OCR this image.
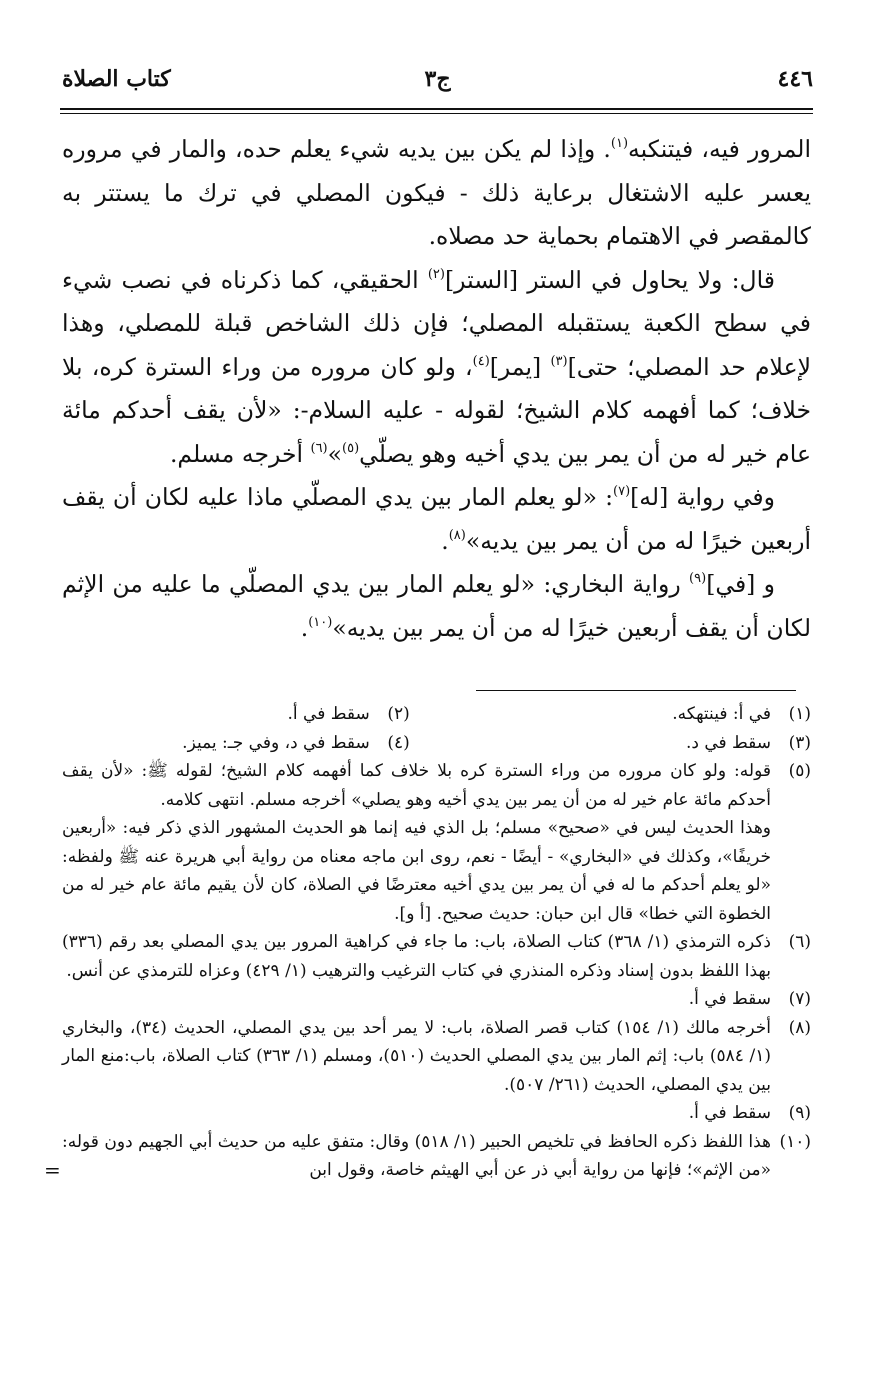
٤٤٦
ج٣
كتاب الصلاة

المرور فيه، فيتنكبه$^{(١)}$. وإذا لم يكن بين يديه شيء يعلم حده، والمار في مروره يعسر عليه الاشتغال برعاية ذلك - فيكون المصلي في ترك ما يستتر به كالمقصر في الاهتمام بحماية حد مصلاه.

قال: ولا يحاول في الستر [الستر]$^{(٢)}$ الحقيقي، كما ذكرناه في نصب شيء في سطح الكعبة يستقبله المصلي؛ فإن ذلك الشاخص قبلة للمصلي، وهذا لإعلام حد المصلي؛ حتى]$^{(٣)}$ [يمر]$^{(٤)}$، ولو كان مروره من وراء السترة كره، بلا خلاف؛ كما أفهمه كلام الشيخ؛ لقوله - عليه السلام-: «لأن يقف أحدكم مائة عام خير له من أن يمر بين يدي أخيه وهو يصلّي$^{(٥)}$»$^{(٦)}$ أخرجه مسلم.

وفي رواية [له]$^{(٧)}$: «لو يعلم المار بين يدي المصلّي ماذا عليه لكان أن يقف أربعين خيرًا له من أن يمر بين يديه»$^{(٨)}$.

و [في]$^{(٩)}$ رواية البخاري: «لو يعلم المار بين يدي المصلّي ما عليه من الإثم لكان أن يقف أربعين خيرًا له من أن يمر بين يديه»$^{(١٠)}$.

(١)
في أ: فينتهكه.
(٢)
سقط في أ.
(٣)
سقط في د.
(٤)
سقط في د، وفي جـ: يميز.
(٥)
قوله: ولو كان مروره من وراء السترة كره بلا خلاف كما أفهمه كلام الشيخ؛ لقوله ﷺ: «لأن يقف أحدكم مائة عام خير له من أن يمر بين يدي أخيه وهو يصلي» أخرجه مسلم. انتهى كلامه.

وهذا الحديث ليس في «صحيح» مسلم؛ بل الذي فيه إنما هو الحديث المشهور الذي ذكر فيه: «أربعين خريفًا»، وكذلك في «البخاري» - أيضًا - نعم، روى ابن ماجه معناه من رواية أبي هريرة عنه ﷺ ولفظه: «لو يعلم أحدكم ما له في أن يمر بين يدي أخيه معترضًا في الصلاة، كان لأن يقيم مائة عام خير له من الخطوة التي خطا» قال ابن حبان: حديث صحيح. [أ و].

(٦)
ذكره الترمذي (١/ ٣٦٨) كتاب الصلاة، باب: ما جاء في كراهية المرور بين يدي المصلي بعد رقم (٣٣٦) بهذا اللفظ بدون إسناد وذكره المنذري في كتاب الترغيب والترهيب (١/ ٤٢٩) وعزاه للترمذي عن أنس.
(٧)
سقط في أ.
(٨)
أخرجه مالك (١/ ١٥٤) كتاب قصر الصلاة، باب: لا يمر أحد بين يدي المصلي، الحديث (٣٤)، والبخاري (١/ ٥٨٤) باب: إثم المار بين يدي المصلي الحديث (٥١٠)، ومسلم (١/ ٣٦٣) كتاب الصلاة، باب:منع المار بين يدي المصلي، الحديث (٢٦١/ ٥٠٧).
(٩)
سقط في أ.
(١٠)
هذا اللفظ ذكره الحافظ في تلخيص الحبير (١/ ٥١٨) وقال: متفق عليه من حديث أبي الجهيم دون قوله: «من الإثم»؛ فإنها من رواية أبي ذر عن أبي الهيثم خاصة، وقول ابن
=
